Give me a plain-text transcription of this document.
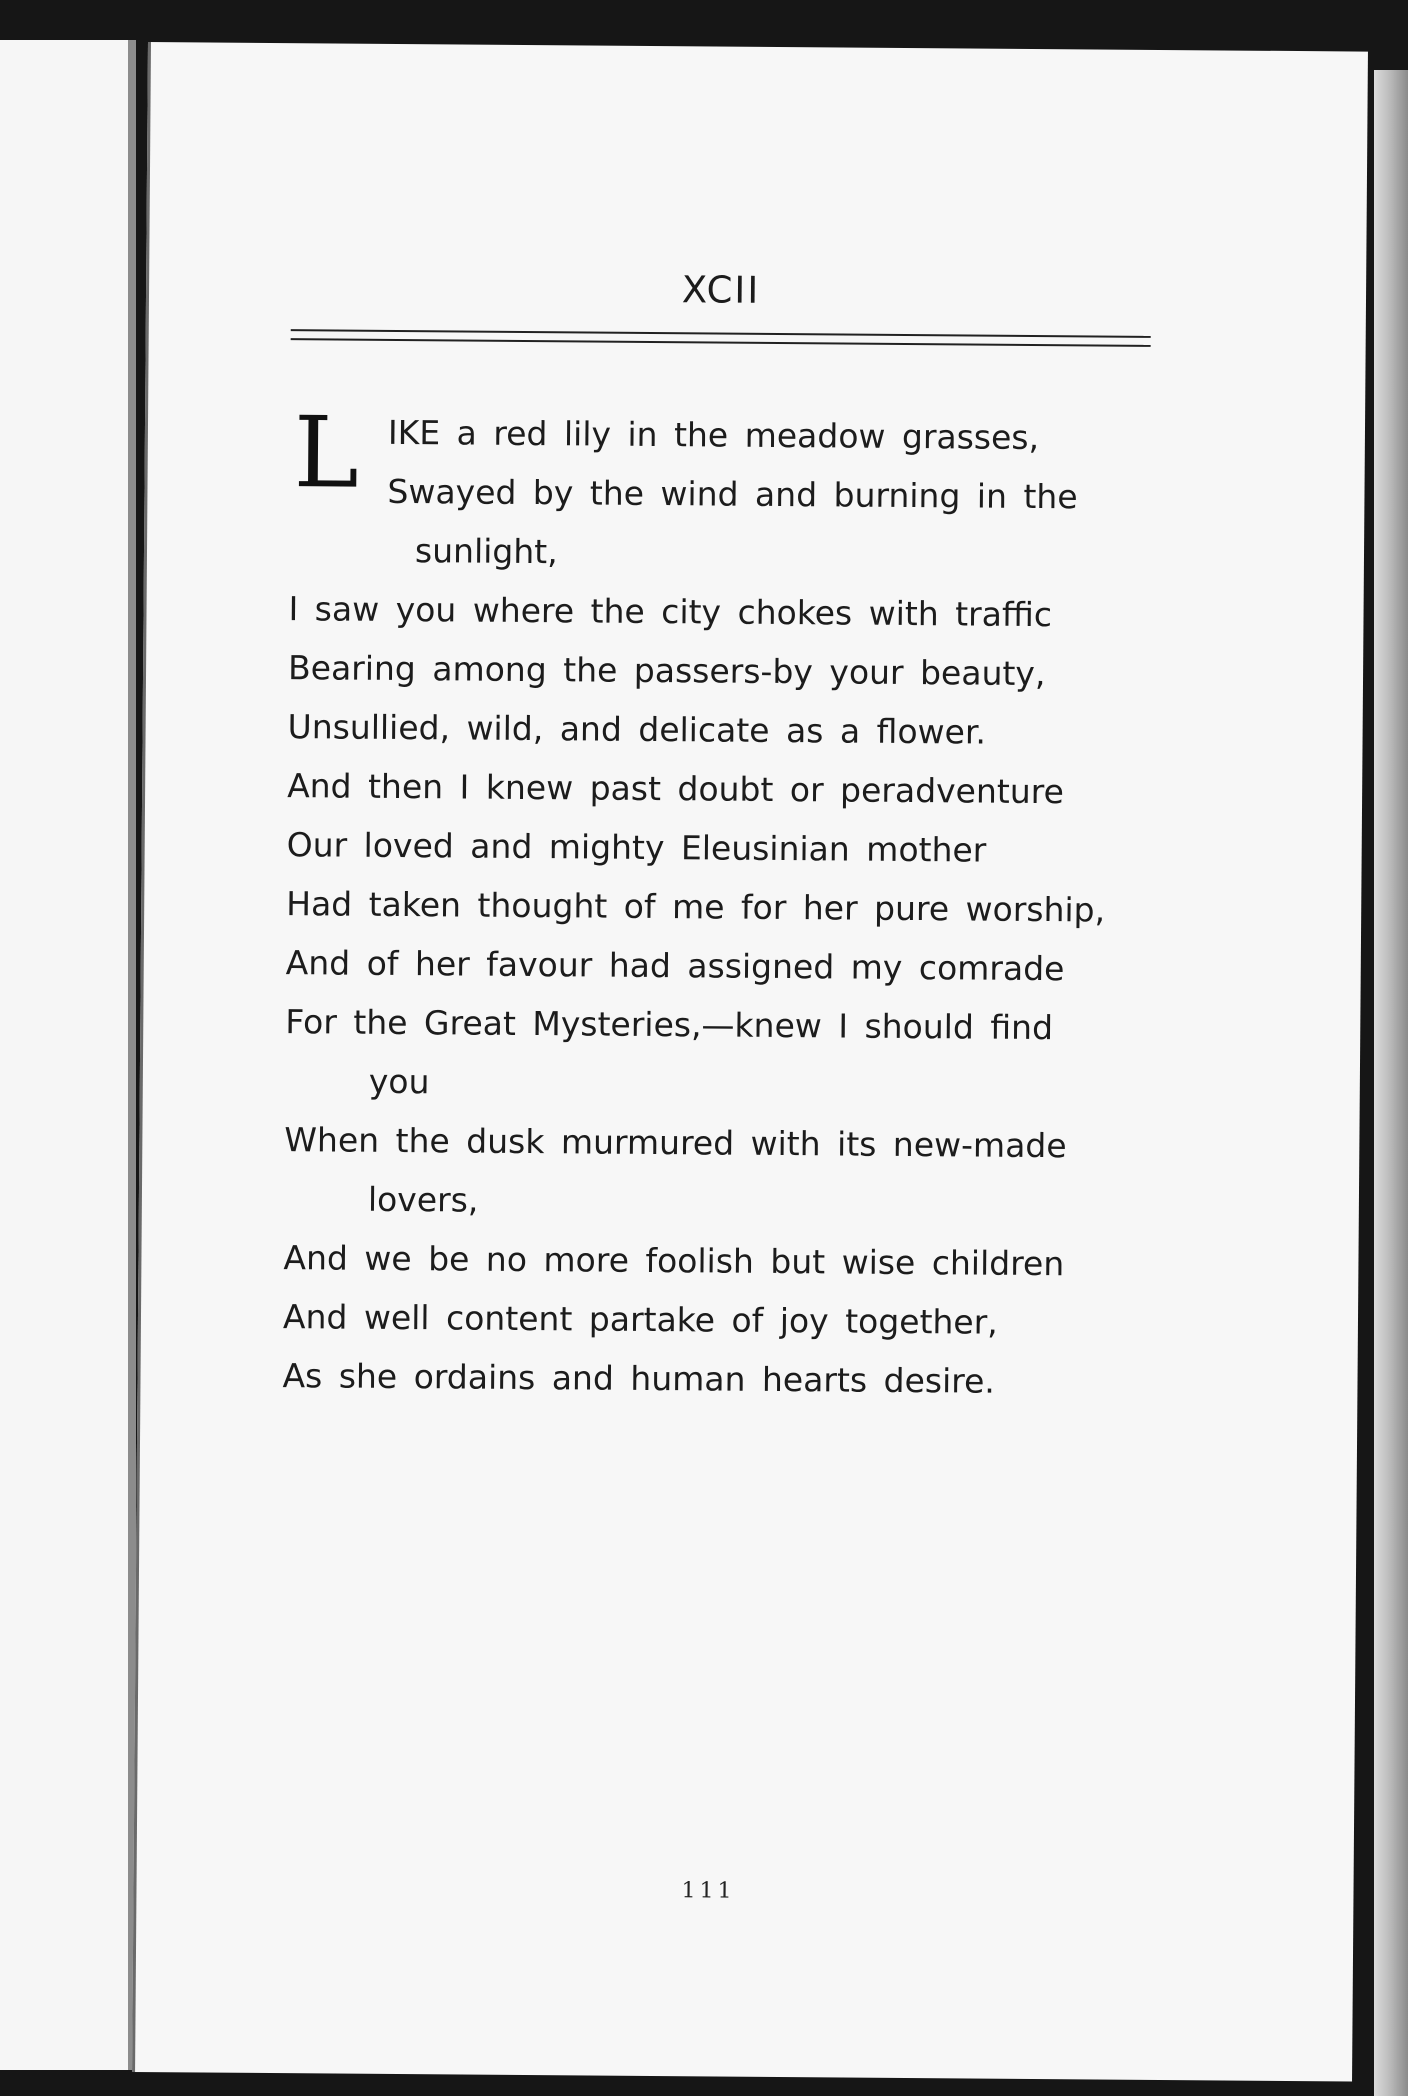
XCII
L IKE a red lily in the meadow grasses,
Swayed by the wind and burning in the
sunlight,
I saw you where the city chokes with traffic
Bearing among the passers-by your beauty,
Unsullied, wild, and delicate as a flower.
And then I knew past doubt or peradventure
Our loved and mighty Eleusinian mother
Had taken thought of me for her pure worship,
And of her favour had assigned my comrade
For the Great Mysteries,—knew I should find
you
When the dusk murmured with its new-made
lovers,
And we be no more foolish but wise children
And well content partake of joy together,
As she ordains and human hearts desire.
111
